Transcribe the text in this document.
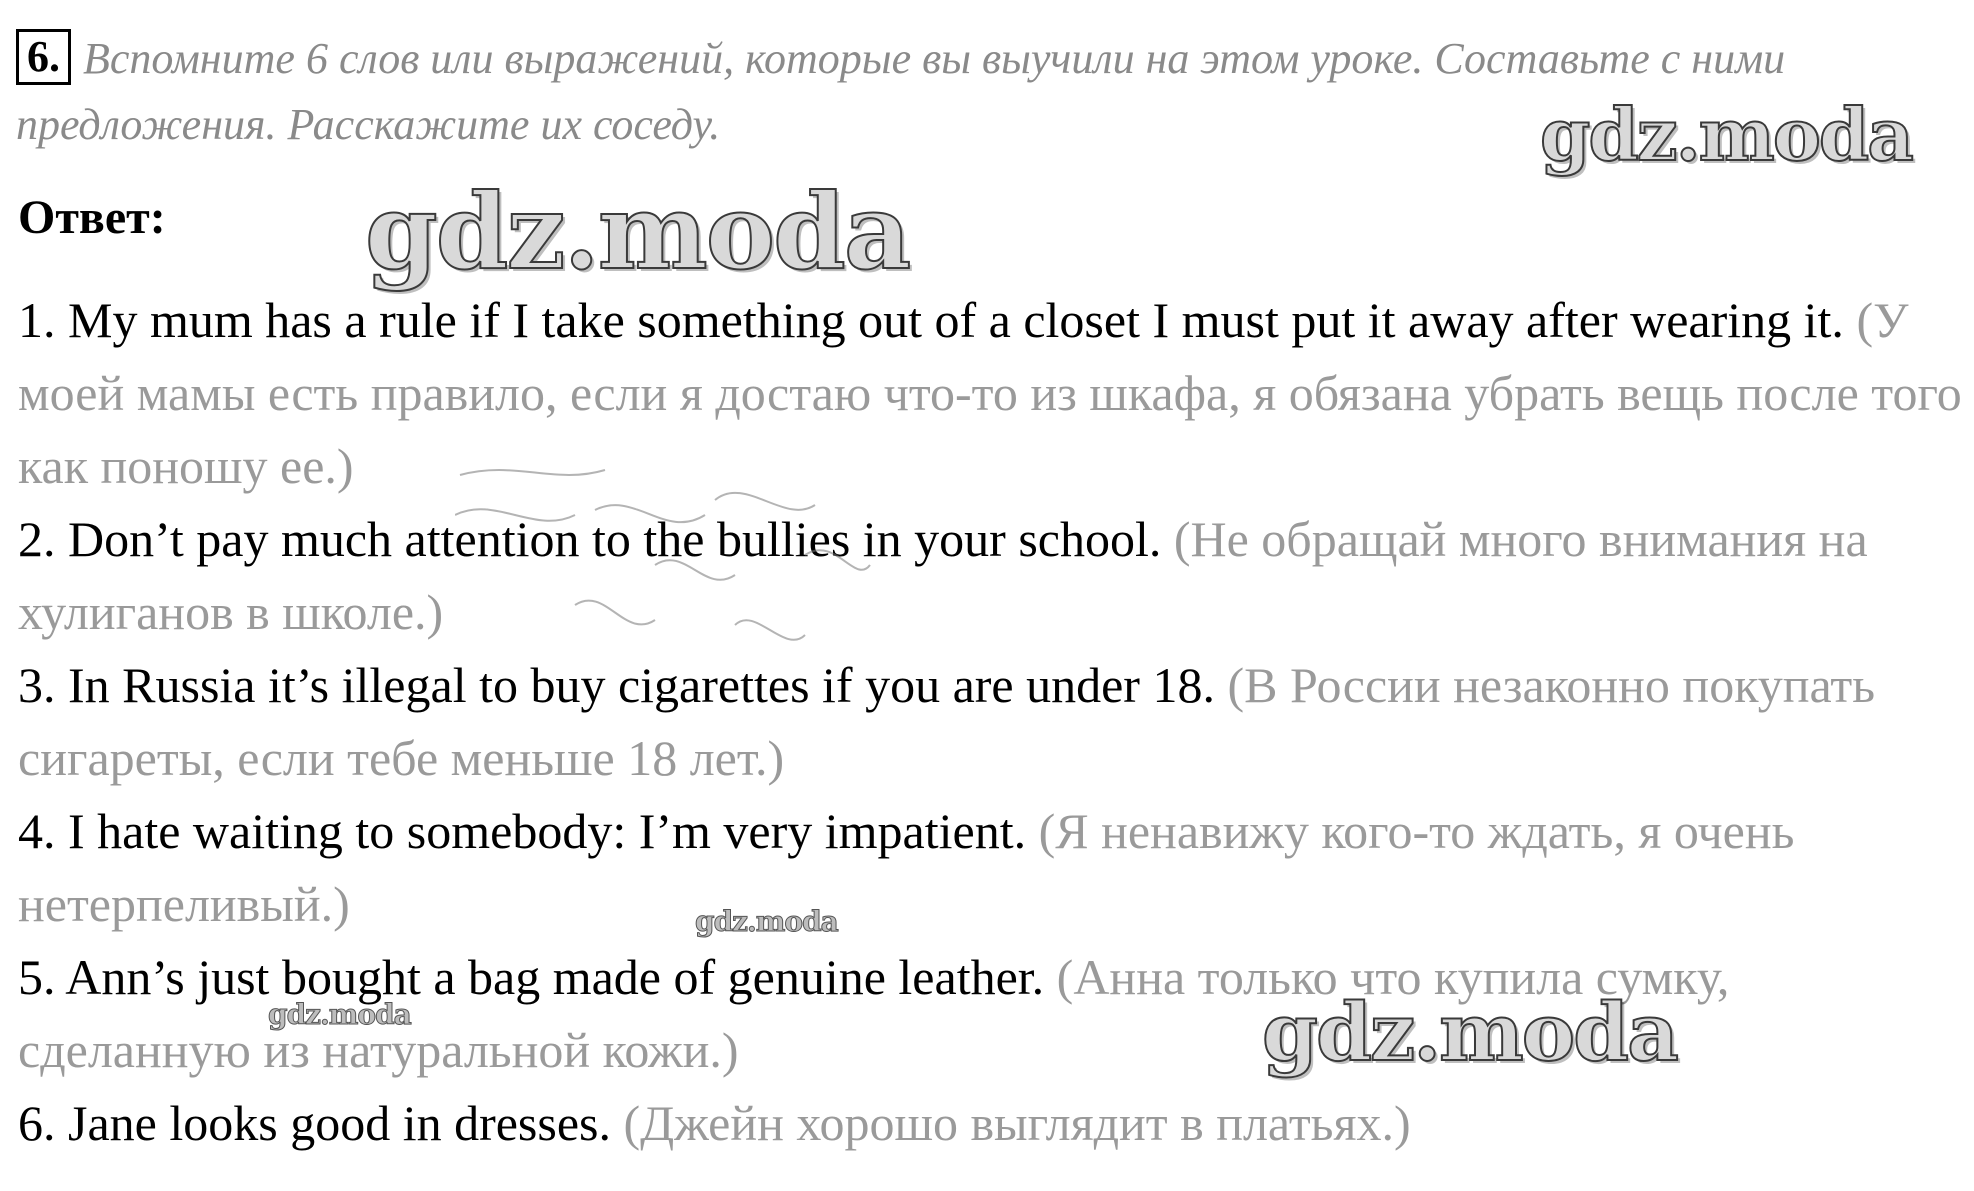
6. Вспомните 6 слов или выражений, которые вы выучили на этом уроке. Составьте с ними предложения. Расскажите их соседу.
Ответ:

1. My mum has a rule if I take something out of a closet I must put it away after wearing it. (У моей мамы есть правило, если я достаю что-то из шкафа, я обязана убрать вещь после того как поношу ее.)

2. Don’t pay much attention to the bullies in your school. (Не обращай много внимания на хулиганов в школе.)

3. In Russia it’s illegal to buy cigarettes if you are under 18. (В России незаконно покупать сигареты, если тебе меньше 18 лет.)

4. I hate waiting to somebody: I’m very impatient. (Я ненавижу кого-то ждать, я очень нетерпеливый.)

5. Ann’s just bought a bag made of genuine leather. (Анна только что купила сумку, сделанную из натуральной кожи.)

6. Jane looks good in dresses. (Джейн хорошо выглядит в платьях.)

gdz.moda
gdz.moda
gdz.moda
gdz.moda	gdz.moda
